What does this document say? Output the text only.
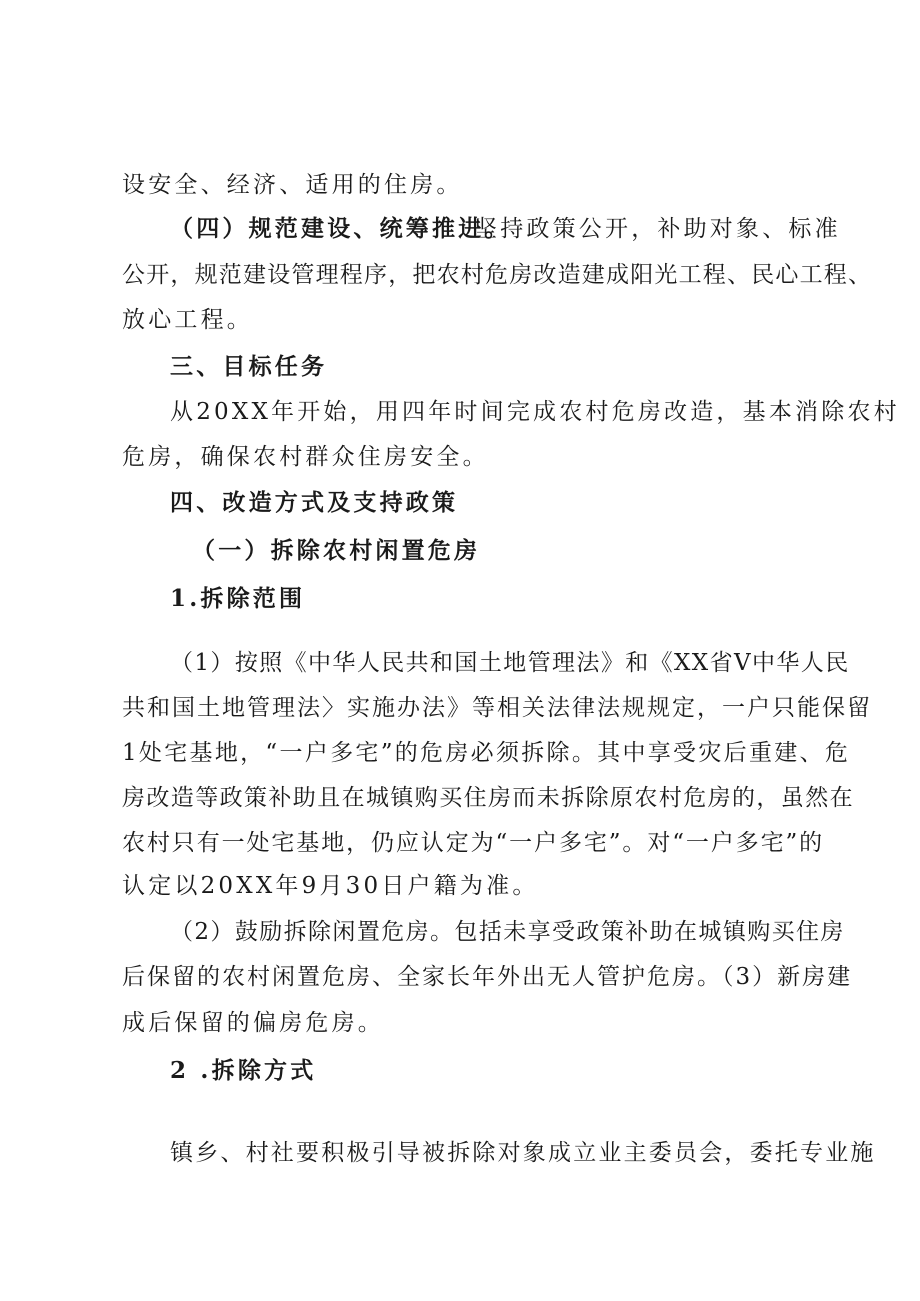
设安全、经济、适用的住房。
（四）规范建设、统筹推进。
坚持政策公开，补助对象、标准
公开，规范建设管理程序，把农村危房改造建成阳光工程、民心工程、
放心工程。
三、目标任务
从20XX年开始，用四年时间完成农村危房改造，基本消除农村
危房，确保农村群众住房安全。
四、改造方式及支持政策
（一）拆除农村闲置危房
1.拆除范围
（1）按照《中华人民共和国土地管理法》和《XX省V中华人民
共和国土地管理法〉实施办法》等相关法律法规规定，一户只能保留
1处宅基地，“一户多宅”的危房必须拆除。其中享受灾后重建、危
房改造等政策补助且在城镇购买住房而未拆除原农村危房的，虽然在
农村只有一处宅基地，仍应认定为“一户多宅”。对“一户多宅”的
认定以20XX年9月30日户籍为准。
（2）鼓励拆除闲置危房。包括未享受政策补助在城镇购买住房
后保留的农村闲置危房、全家长年外出无人管护危房。（3）新房建
成后保留的偏房危房。
2 .拆除方式
镇乡、村社要积极引导被拆除对象成立业主委员会，委托专业施
